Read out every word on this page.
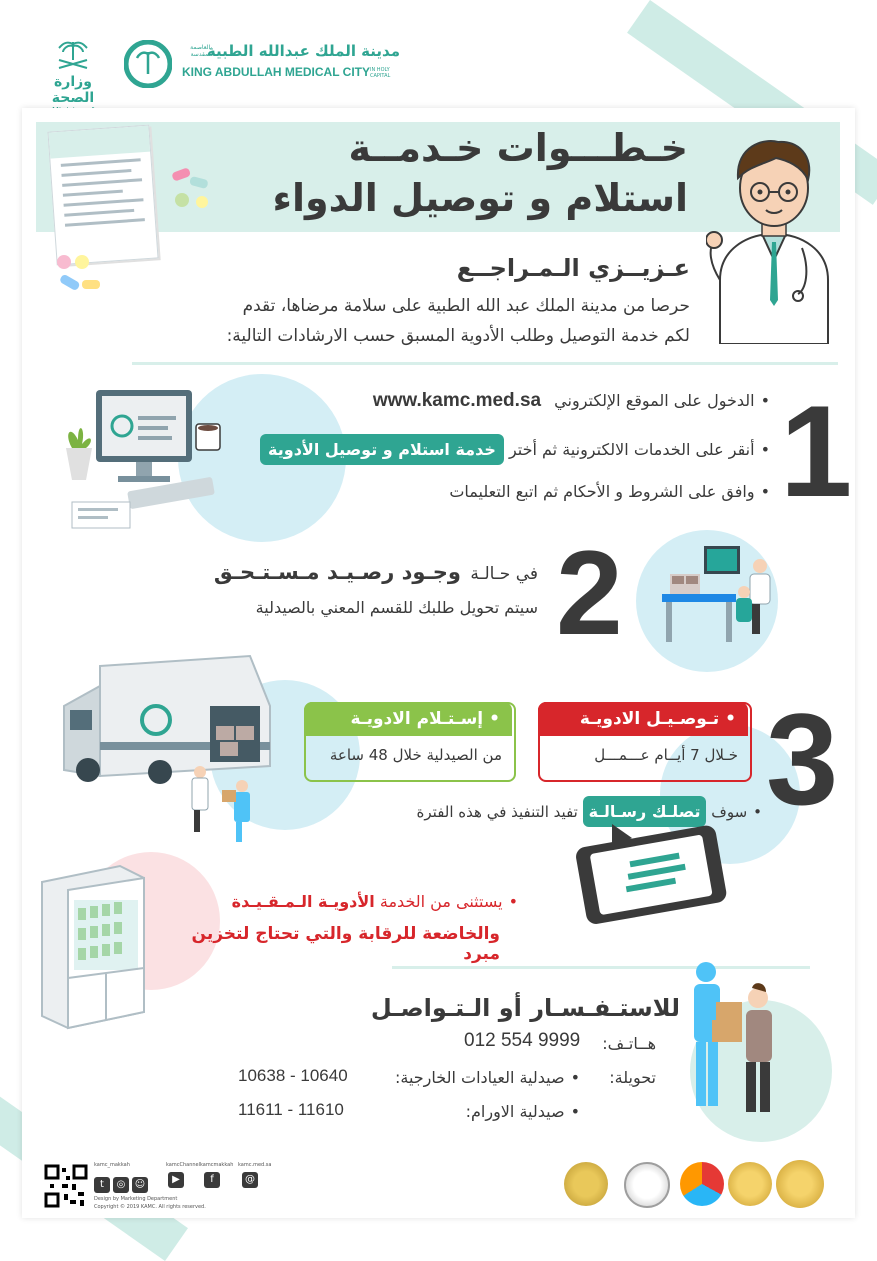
وزارة الصحة
مدينة الملك عبدالله الطبية
بالعاصمة المقدسة
KING ABDULLAH MEDICAL CITY IN HOLY CAPITAL
خـطـــوات خـدمــة
استلام و توصيل الدواء
عـزيــزي الـمـراجــع
حرصا من مدينة الملك عبد الله الطبية على سلامة مرضاها، تقدم
لكم خدمة التوصيل وطلب الأدوية المسبق حسب الارشادات التالية:
1
• الدخول على الموقع الإلكتروني www.kamc.med.sa
• أنقر على الخدمات الالكترونية ثم أختر خدمة استلام و توصيل الأدوية
• وافق على الشروط و الأحكام ثم اتبع التعليمات
2
في حـالـة وجـود رصـيـد مـسـتـحـق
سيتم تحويل طلبك للقسم المعني بالصيدلية
3
• إسـتـلام الادويـة
من الصيدلية خلال 48 ساعة
• تـوصـيـل الادويـة
خـلال 7 أيــام عـــمـــل
• سوف تصلـك رسـالـة تفيد التنفيذ في هذه الفترة
• يستثنى من الخدمة الأدويـة الـمـقـيـدة
والخاضعة للرقابة والتي تحتاج لتخزين مبرد
للاستـفـسـار أو الـتـواصـل
هــاتـف:
012 554 9999
تحويلة:
• صيدلية العيادات الخارجية:
10638 - 10640
• صيدلية الاورام:
11611 - 11610
kamc_makkah
t ◎ ☺
kamcChannel
▶
kamcmakkah
f
kamc.med.sa
@
Design by Marketing Department
Copyright © 2019 KAMC. All rights reserved.
